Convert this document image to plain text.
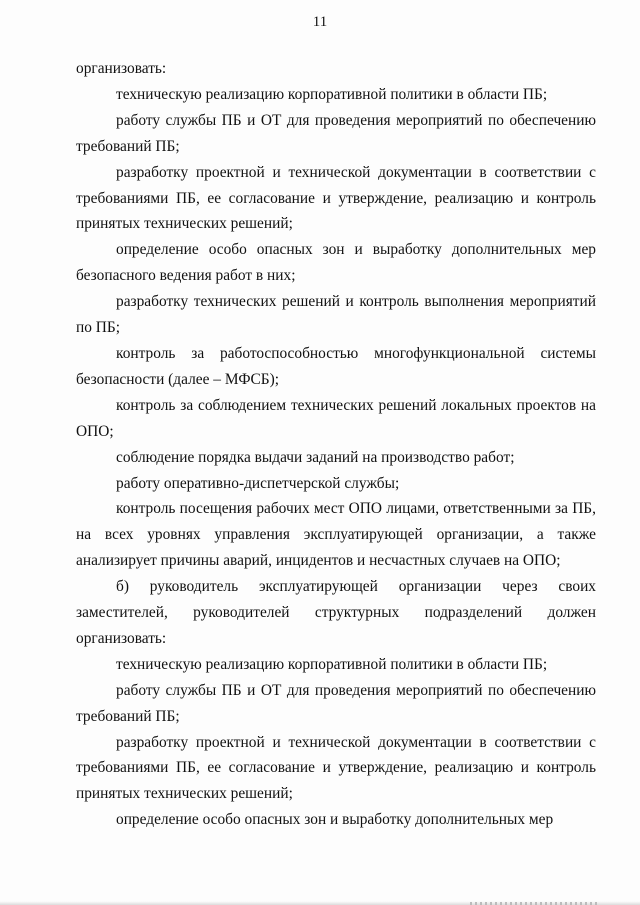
11

организовать:

техническую реализацию корпоративной политики в области ПБ;

работу службы ПБ и ОТ для проведения мероприятий по обеспечению требований ПБ;

разработку проектной и технической документации в соответствии с требованиями ПБ, ее согласование и утверждение, реализацию и контроль принятых технических решений;

определение особо опасных зон и выработку дополнительных мер безопасного ведения работ в них;

разработку технических решений и контроль выполнения мероприятий по ПБ;

контроль за работоспособностью многофункциональной системы безопасности (далее – МФСБ);

контроль за соблюдением технических решений локальных проектов на ОПО;

соблюдение порядка выдачи заданий на производство работ;

работу оперативно-диспетчерской службы;

контроль посещения рабочих мест ОПО лицами, ответственными за ПБ, на всех уровнях управления эксплуатирующей организации, а также анализирует причины аварий, инцидентов и несчастных случаев на ОПО;

б) руководитель эксплуатирующей организации через своих заместителей, руководителей структурных подразделений должен организовать:

техническую реализацию корпоративной политики в области ПБ;

работу службы ПБ и ОТ для проведения мероприятий по обеспечению требований ПБ;

разработку проектной и технической документации в соответствии с требованиями ПБ, ее согласование и утверждение, реализацию и контроль принятых технических решений;

определение особо опасных зон и выработку дополнительных мер
